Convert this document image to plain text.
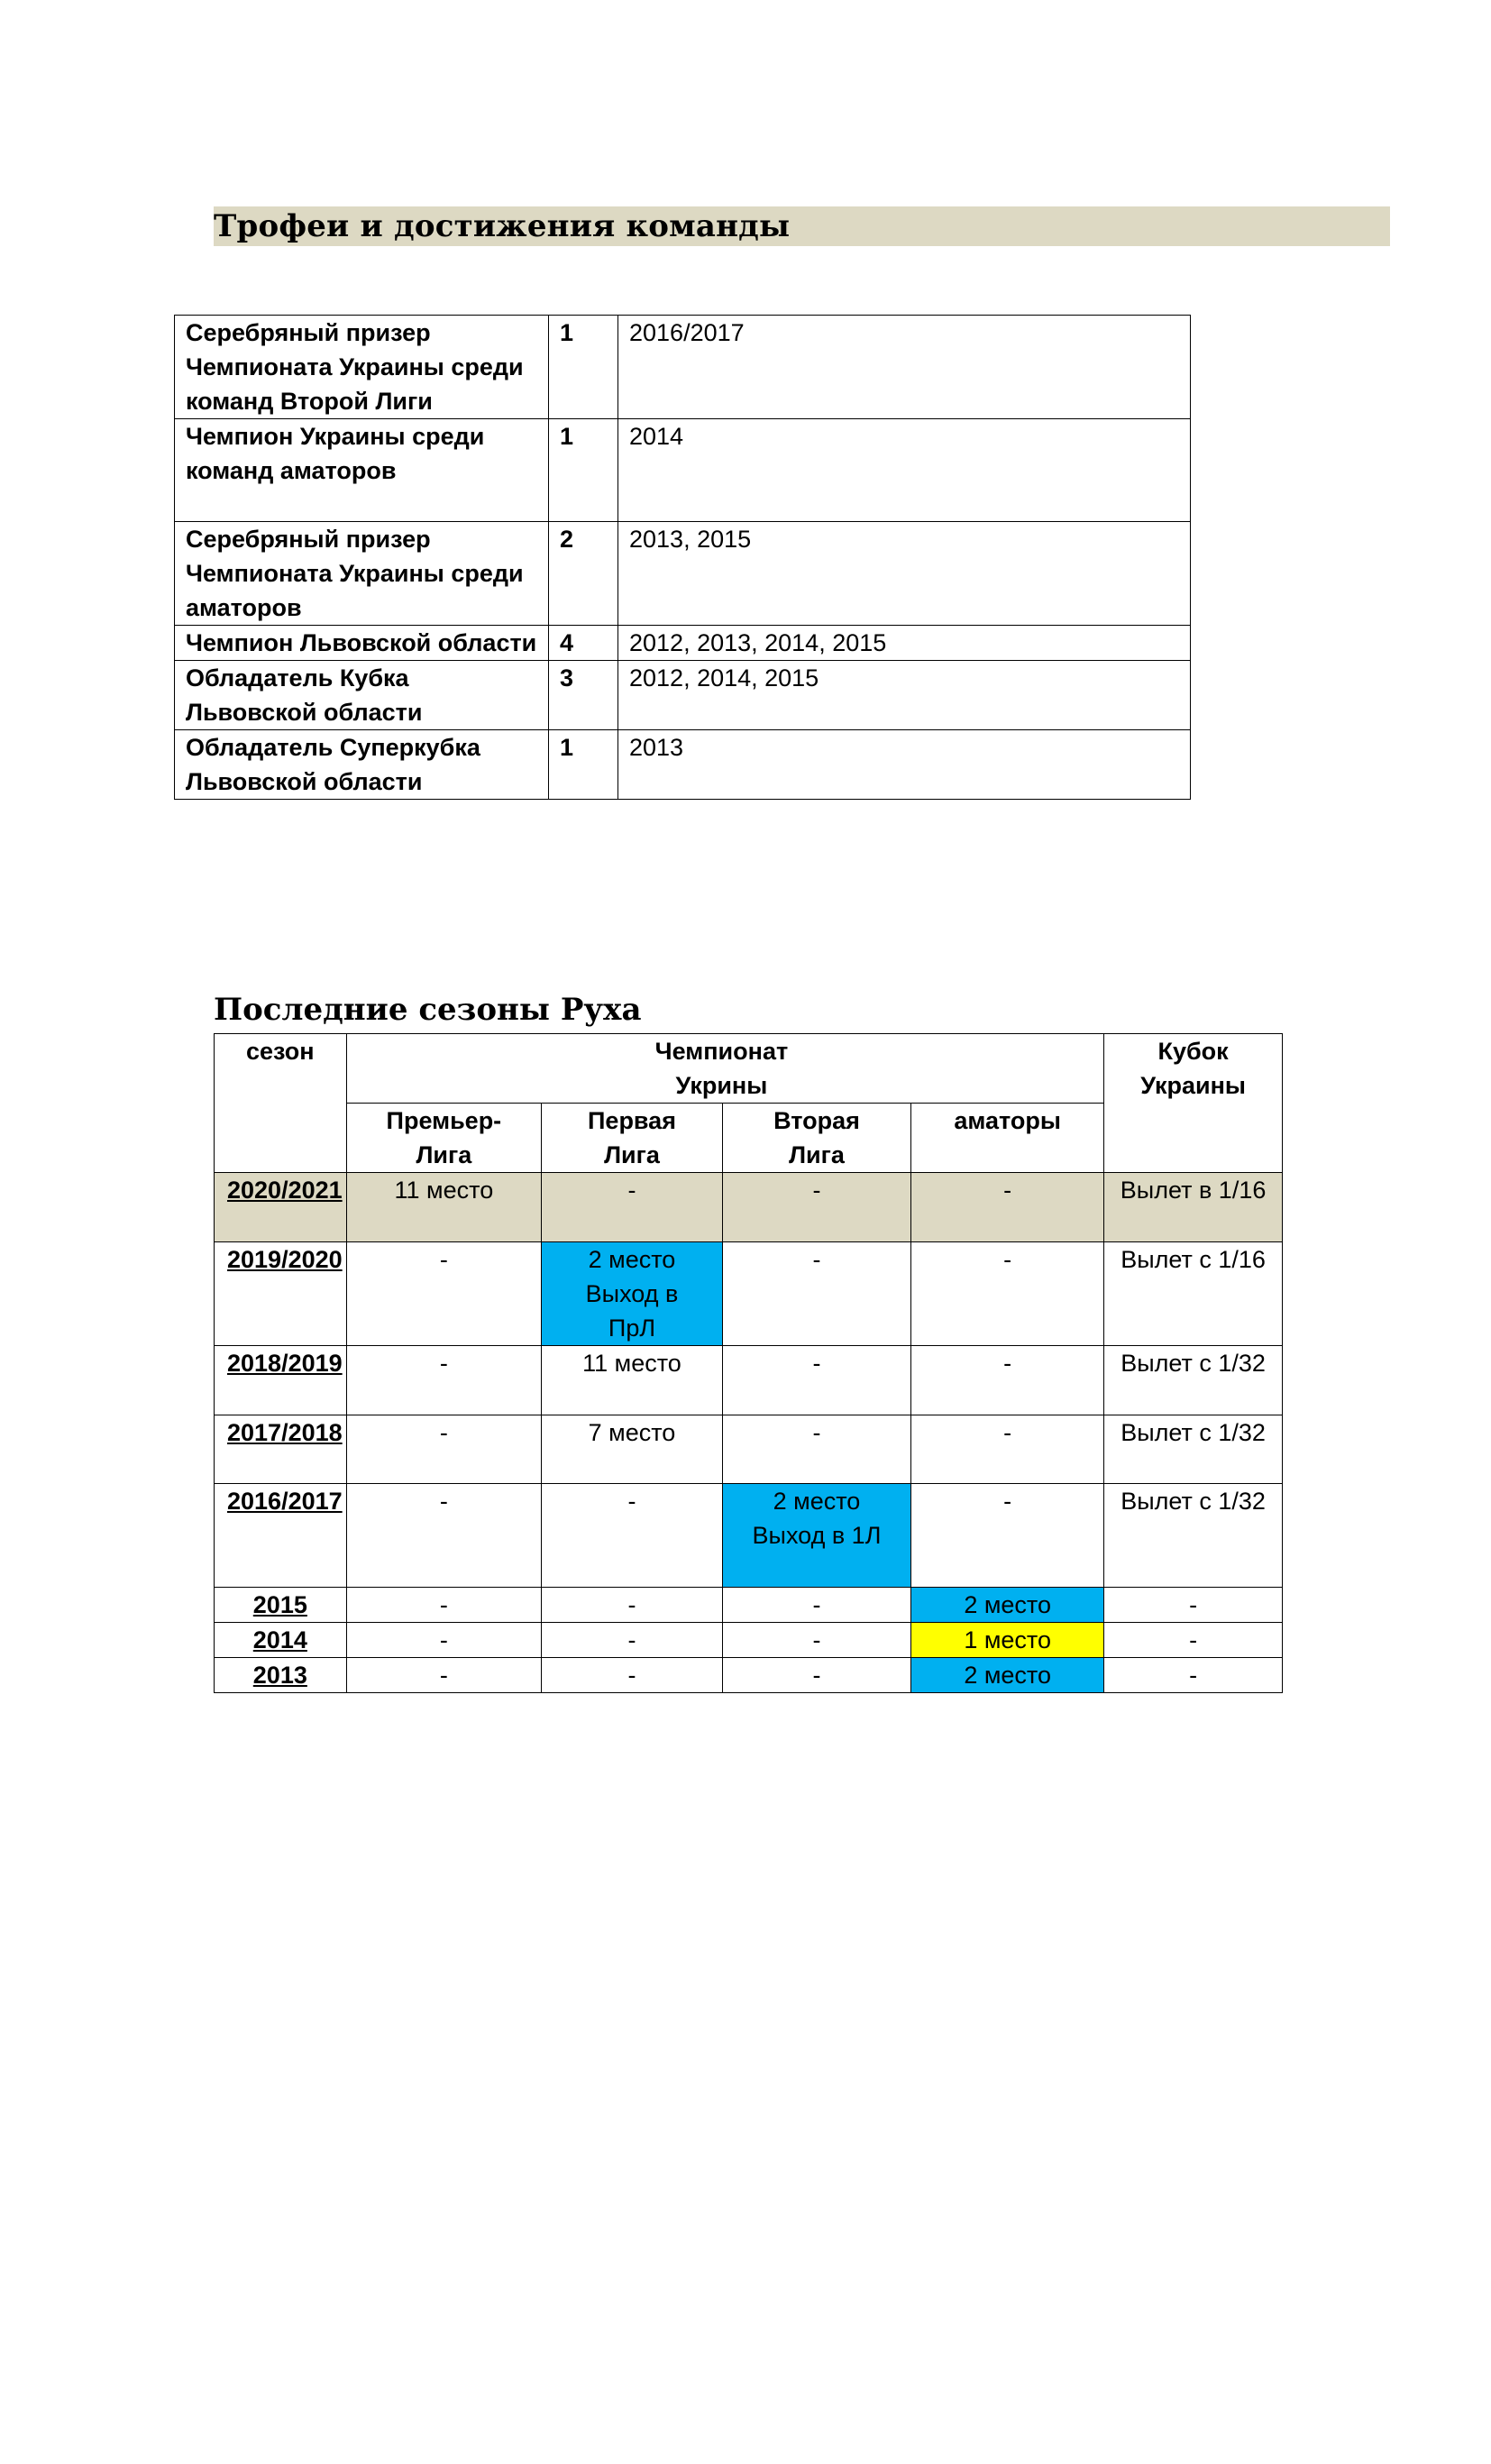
Трофеи и достижения команды
Серебряный призер Чемпионата Украины среди команд Второй Лиги	1	2016/2017
Чемпион Украины среди команд аматоров	1	2014
Серебряный призер Чемпионата Украины среди аматоров	2	2013, 2015
Чемпион Львовской области	4	2012, 2013, 2014, 2015
Обладатель Кубка Львовской области	3	2012, 2014, 2015
Обладатель Суперкубка Львовской области	1	2013
Последние сезоны Руха
сезон	Чемпионат Укрины				Кубок Украины
	Премьер-Лига	Первая Лига	Вторая Лига	аматоры	
2020/2021	11 место	-	-	-	Вылет в 1/16
2019/2020	-	2 место Выход в ПрЛ	-	-	Вылет с 1/16
2018/2019	-	11 место	-	-	Вылет с 1/32
2017/2018	-	7 место	-	-	Вылет с 1/32
2016/2017	-	-	2 место Выход в 1Л	-	Вылет с 1/32
2015	-	-	-	2 место	-
2014	-	-	-	1 место	-
2013	-	-	-	2 место	-
